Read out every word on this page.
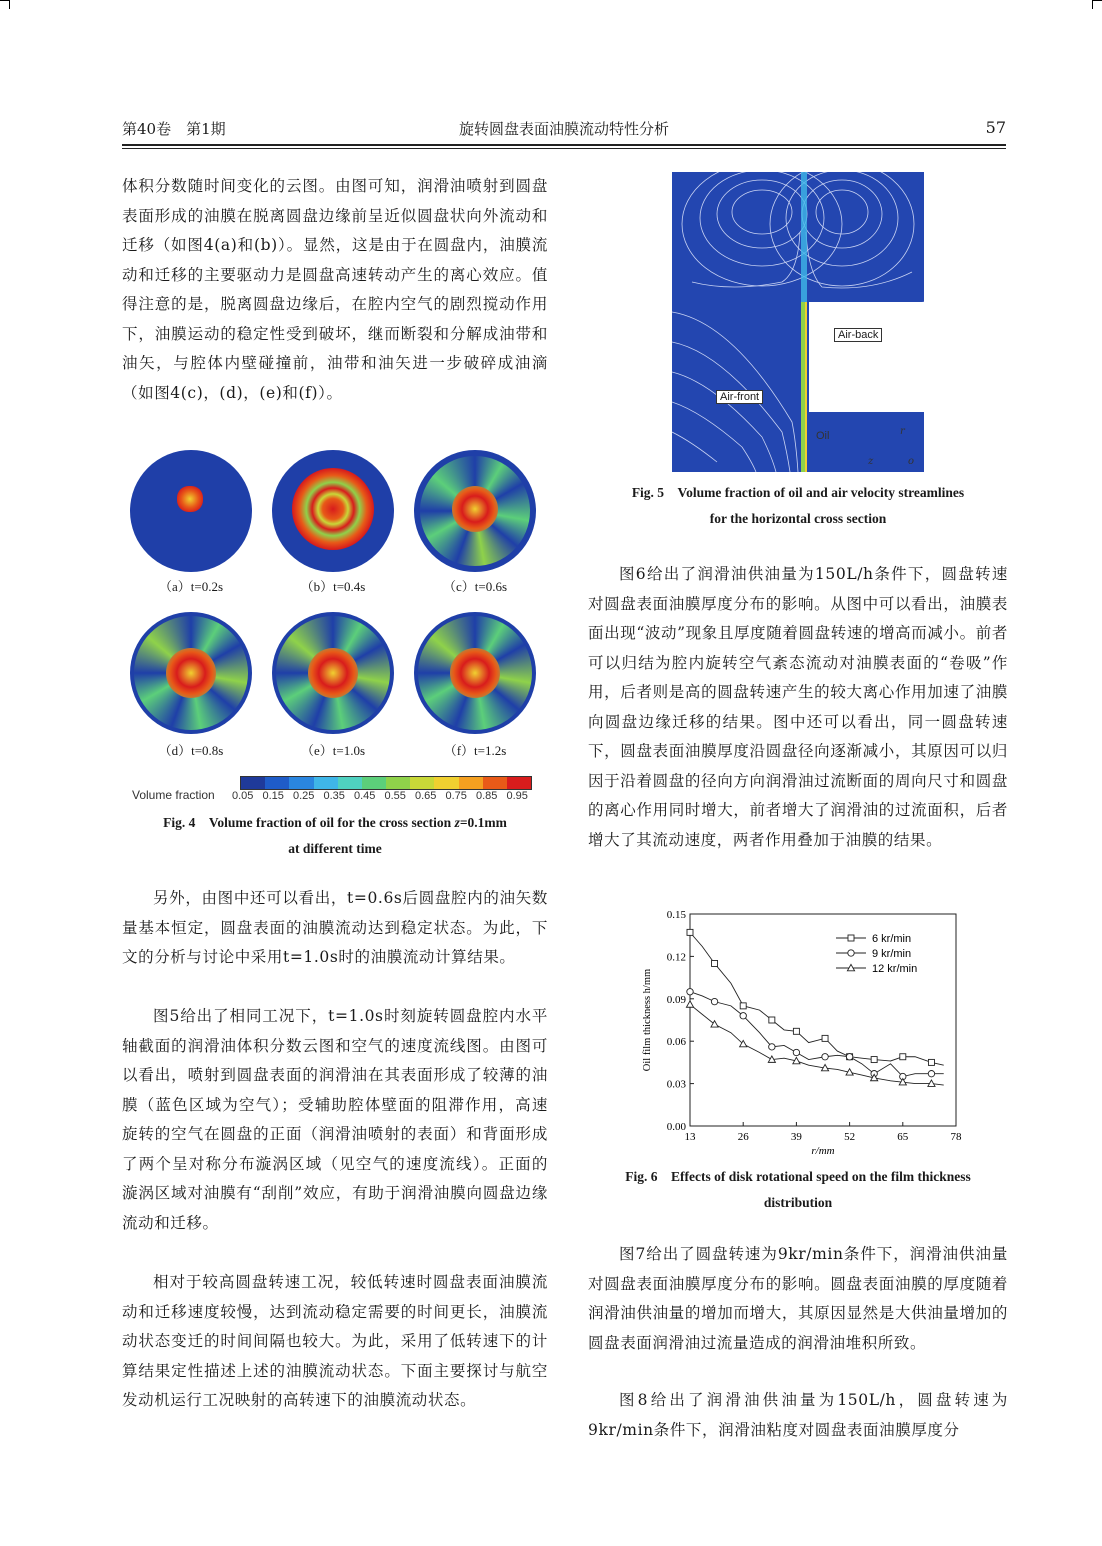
第40卷　第1期	旋转圆盘表面油膜流动特性分析	57

体积分数随时间变化的云图。由图可知，润滑油喷射到圆盘表面形成的油膜在脱离圆盘边缘前呈近似圆盘状向外流动和迁移（如图4(a)和(b)）。显然，这是由于在圆盘内，油膜流动和迁移的主要驱动力是圆盘高速转动产生的离心效应。值得注意的是，脱离圆盘边缘后，在腔内空气的剧烈搅动作用下，油膜运动的稳定性受到破坏，继而断裂和分解成油带和油矢，与腔体内壁碰撞前，油带和油矢进一步破碎成油滴（如图4(c)，(d)，(e)和(f)）。

（a）t=0.2s	（b）t=0.4s	（c）t=0.6s
（d）t=0.8s	（e）t=1.0s	（f）t=1.2s
Volume fraction 0.05 0.15 0.25 0.35 0.45 0.55 0.65 0.75 0.85 0.95
Fig. 4　Volume fraction of oil for the cross section z=0.1mm
at different time

另外，由图中还可以看出，t=0.6s后圆盘腔内的油矢数量基本恒定，圆盘表面的油膜流动达到稳定状态。为此，下文的分析与讨论中采用t=1.0s时的油膜流动计算结果。

图5给出了相同工况下，t=1.0s时刻旋转圆盘腔内水平轴截面的润滑油体积分数云图和空气的速度流线图。由图可以看出，喷射到圆盘表面的润滑油在其表面形成了较薄的油膜（蓝色区域为空气）；受辅助腔体壁面的阻滞作用，高速旋转的空气在圆盘的正面（润滑油喷射的表面）和背面形成了两个呈对称分布漩涡区域（见空气的速度流线）。正面的漩涡区域对油膜有“刮削”效应，有助于润滑油膜向圆盘边缘流动和迁移。

相对于较高圆盘转速工况，较低转速时圆盘表面油膜流动和迁移速度较慢，达到流动稳定需要的时间更长，油膜流动状态变迁的时间间隔也较大。为此，采用了低转速下的计算结果定性描述上述的油膜流动状态。下面主要探讨与航空发动机运行工况映射的高转速下的油膜流动状态。

Air-back
Air-front
Oil	r
o
z
Fig. 5　Volume fraction of oil and air velocity streamlines
for the horizontal cross section

图6给出了润滑油供油量为150L/h条件下，圆盘转速对圆盘表面油膜厚度分布的影响。从图中可以看出，油膜表面出现“波动”现象且厚度随着圆盘转速的增高而减小。前者可以归结为腔内旋转空气紊态流动对油膜表面的“卷吸”作用，后者则是高的圆盘转速产生的较大离心作用加速了油膜向圆盘边缘迁移的结果。图中还可以看出，同一圆盘转速下，圆盘表面油膜厚度沿圆盘径向逐渐减小，其原因可以归因于沿着圆盘的径向方向润滑油过流断面的周向尺寸和圆盘的离心作用同时增大，前者增大了润滑油的过流面积，后者增大了其流动速度，两者作用叠加于油膜的结果。

13	26	39	52	65	78
0.00
0.03
0.06
0.09
0.12
0.15
r/mm
Oil film thickness h/mm
6 kr/min
9 kr/min
12 kr/min
Fig. 6　Effects of disk rotational speed on the film thickness
distribution

图7给出了圆盘转速为9kr/min条件下，润滑油供油量对圆盘表面油膜厚度分布的影响。圆盘表面油膜的厚度随着润滑油供油量的增加而增大，其原因显然是大供油量增加的圆盘表面润滑油过流量造成的润滑油堆积所致。

图8给出了润滑油供油量为150L/h，圆盘转速为9kr/min条件下，润滑油粘度对圆盘表面油膜厚度分
